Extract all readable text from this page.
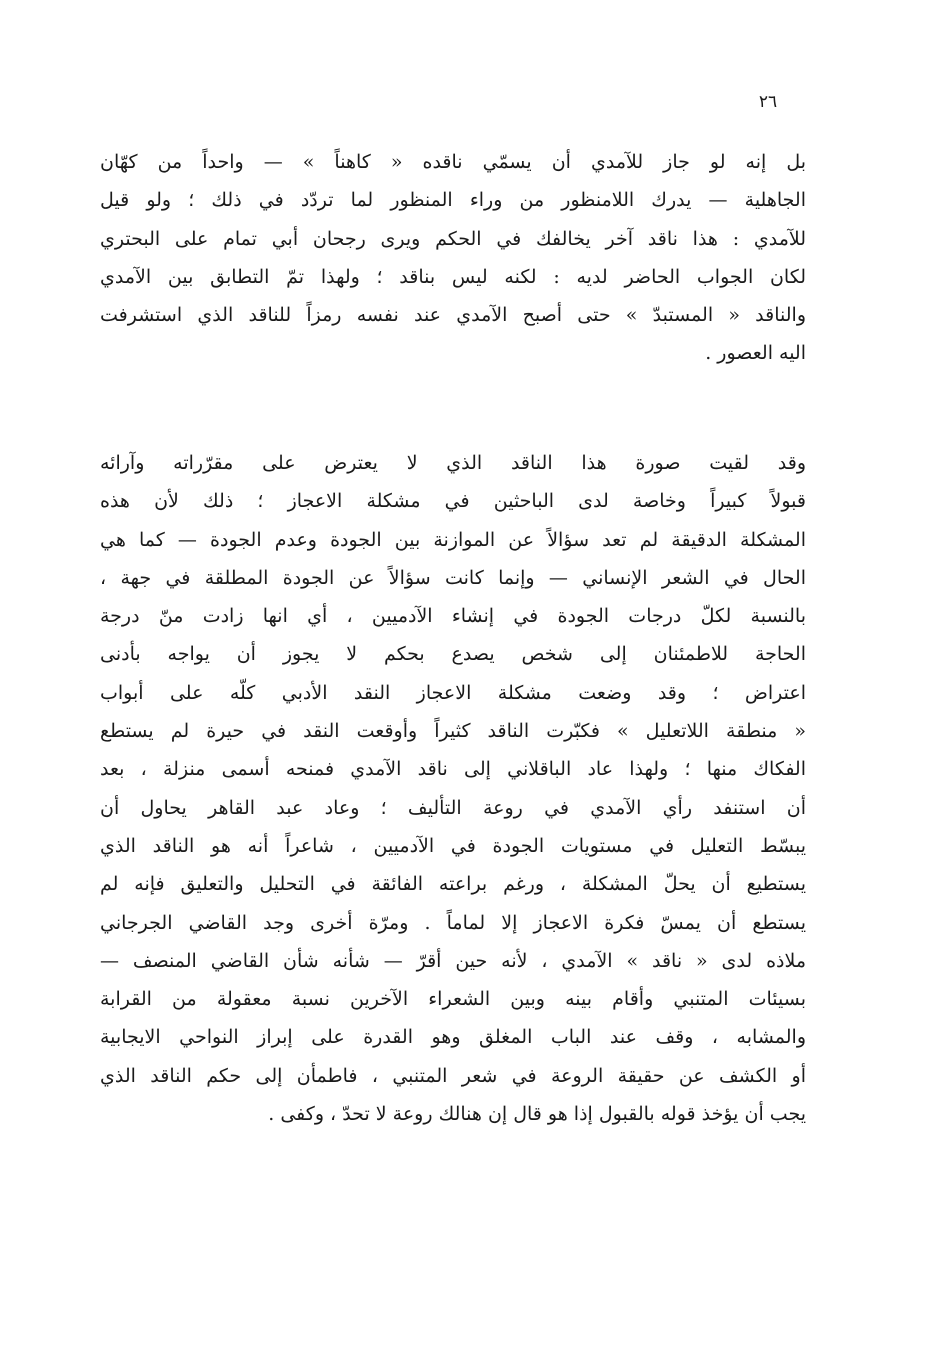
٢٦
بل إنه لو جاز للآمدي أن يسمّي ناقده « كاهناً » — واحداً من كهّان
الجاهلية — يدرك اللامنظور من وراء المنظور لما تردّد في ذلك ؛ ولو قيل
للآمدي : هذا ناقد آخر يخالفك في الحكم ويرى رجحان أبي تمام على البحتري
لكان الجواب الحاضر لديه : لكنه ليس بناقد ؛ ولهذا تمّ التطابق بين الآمدي
والناقد « المستبدّ » حتى أصبح الآمدي عند نفسه رمزاً للناقد الذي استشرفت
اليه العصور .
وقد لقيت صورة هذا الناقد الذي لا يعترض على مقرّراته وآرائه
قبولاً كبيراً وخاصة لدى الباحثين في مشكلة الاعجاز ؛ ذلك لأن هذه
المشكلة الدقيقة لم تعد سؤالاً عن الموازنة بين الجودة وعدم الجودة — كما هي
الحال في الشعر الإنساني — وإنما كانت سؤالاً عن الجودة المطلقة في جهة ،
بالنسبة لكلّ درجات الجودة في إنشاء الآدميين ، أي انها زادت منّ درجة
الحاجة للاطمئنان إلى شخص يصدع بحكم لا يجوز أن يواجه بأدنى
اعتراض ؛ وقد وضعت مشكلة الاعجاز النقد الأدبي كلّه على أبواب
« منطقة اللاتعليل » فكبّرت الناقد كثيراً وأوقعت النقد في حيرة لم يستطع
الفكاك منها ؛ ولهذا عاد الباقلاني إلى ناقد الآمدي فمنحه أسمى منزلة ، بعد
أن استنفد رأي الآمدي في روعة التأليف ؛ وعاد عبد القاهر يحاول أن
يبسّط التعليل في مستويات الجودة في الآدميين ، شاعراً أنه هو الناقد الذي
يستطيع أن يحلّ المشكلة ، ورغم براعته الفائقة في التحليل والتعليق فإنه لم
يستطع أن يمسّ فكرة الاعجاز إلا لماماً . ومرّة أخرى وجد القاضي الجرجاني
ملاذه لدى « ناقد » الآمدي ، لأنه حين أقرّ — شأنه شأن القاضي المنصف —
بسيئات المتنبي وأقام بينه وبين الشعراء الآخرين نسبة معقولة من القرابة
والمشابه ، وقف عند الباب المغلق وهو القدرة على إبراز النواحي الايجابية
أو الكشف عن حقيقة الروعة في شعر المتنبي ، فاطمأن إلى حكم الناقد الذي
يجب أن يؤخذ قوله بالقبول إذا هو قال إن هنالك روعة لا تحدّ ، وكفى .
